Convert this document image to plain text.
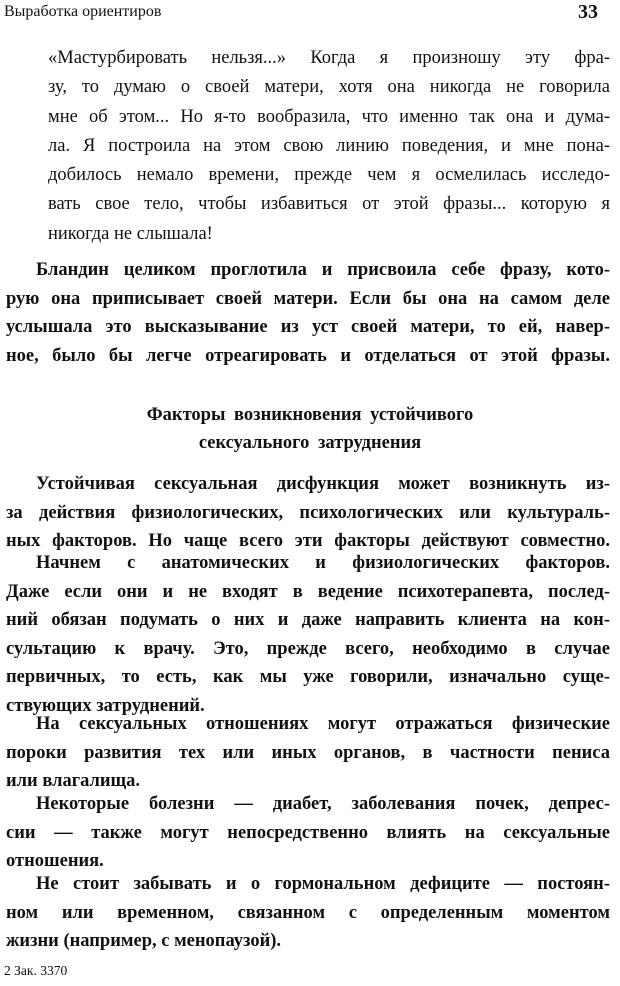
Выработка ориентиров	33
«Мастурбировать нельзя...» Когда я произношу эту фра-
зу, то думаю о своей матери, хотя она никогда не говорила
мне об этом... Но я-то вообразила, что именно так она и дума-
ла. Я построила на этом свою линию поведения, и мне пона-
добилось немало времени, прежде чем я осмелилась исследо-
вать свое тело, чтобы избавиться от этой фразы... которую я
никогда не слышала!
Бландин целиком проглотила и присвоила себе фразу, кото-
рую она приписывает своей матери. Если бы она на самом деле
услышала это высказывание из уст своей матери, то ей, навер-
ное, было бы легче отреагировать и отделаться от этой фразы.
Факторы возникновения устойчивого
сексуального затруднения
Устойчивая сексуальная дисфункция может возникнуть из-
за действия физиологических, психологических или культураль-
ных факторов. Но чаще всего эти факторы действуют совместно.
Начнем с анатомических и физиологических факторов.
Даже если они и не входят в ведение психотерапевта, послед-
ний обязан подумать о них и даже направить клиента на кон-
сультацию к врачу. Это, прежде всего, необходимо в случае
первичных, то есть, как мы уже говорили, изначально суще-
ствующих затруднений.
На сексуальных отношениях могут отражаться физические
пороки развития тех или иных органов, в частности пениса
или влагалища.
Некоторые болезни — диабет, заболевания почек, депрес-
сии — также могут непосредственно влиять на сексуальные
отношения.
Не стоит забывать и о гормональном дефиците — постоян-
ном или временном, связанном с определенным моментом
жизни (например, с менопаузой).
2 Зак. 3370
